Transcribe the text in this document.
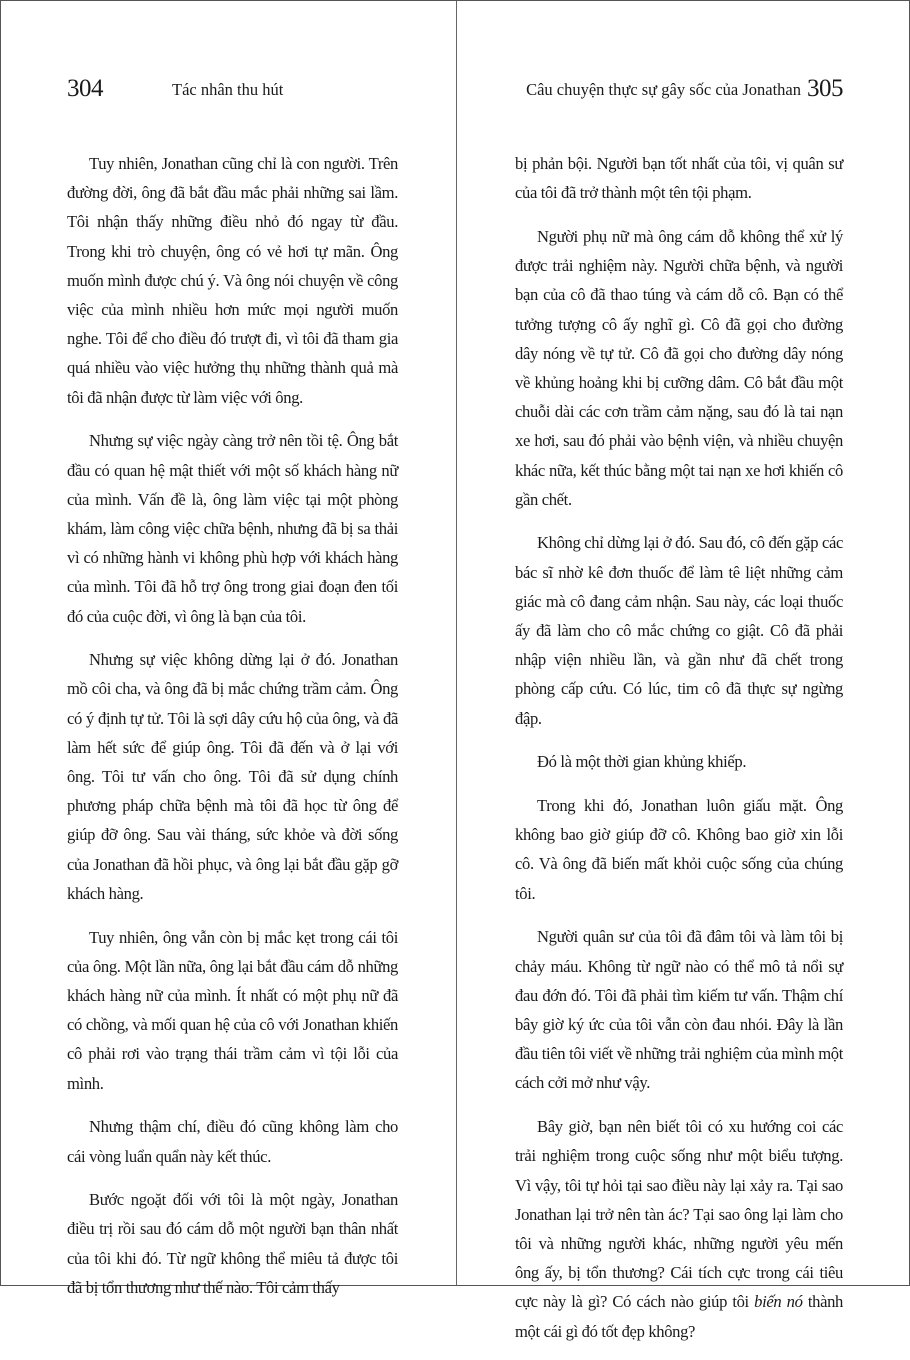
304	Tác nhân thu hút

Tuy nhiên, Jonathan cũng chỉ là con người. Trên đường đời, ông đã bắt đầu mắc phải những sai lầm. Tôi nhận thấy những điều nhỏ đó ngay từ đầu. Trong khi trò chuyện, ông có vẻ hơi tự mãn. Ông muốn mình được chú ý. Và ông nói chuyện về công việc của mình nhiều hơn mức mọi người muốn nghe. Tôi để cho điều đó trượt đi, vì tôi đã tham gia quá nhiều vào việc hưởng thụ những thành quả mà tôi đã nhận được từ làm việc với ông.

Nhưng sự việc ngày càng trở nên tồi tệ. Ông bắt đầu có quan hệ mật thiết với một số khách hàng nữ của mình. Vấn đề là, ông làm việc tại một phòng khám, làm công việc chữa bệnh, nhưng đã bị sa thải vì có những hành vi không phù hợp với khách hàng của mình. Tôi đã hỗ trợ ông trong giai đoạn đen tối đó của cuộc đời, vì ông là bạn của tôi.

Nhưng sự việc không dừng lại ở đó. Jonathan mồ côi cha, và ông đã bị mắc chứng trầm cảm. Ông có ý định tự tử. Tôi là sợi dây cứu hộ của ông, và đã làm hết sức để giúp ông. Tôi đã đến và ở lại với ông. Tôi tư vấn cho ông. Tôi đã sử dụng chính phương pháp chữa bệnh mà tôi đã học từ ông để giúp đỡ ông. Sau vài tháng, sức khỏe và đời sống của Jonathan đã hồi phục, và ông lại bắt đầu gặp gỡ khách hàng.

Tuy nhiên, ông vẫn còn bị mắc kẹt trong cái tôi của ông. Một lần nữa, ông lại bắt đầu cám dỗ những khách hàng nữ của mình. Ít nhất có một phụ nữ đã có chồng, và mối quan hệ của cô với Jonathan khiến cô phải rơi vào trạng thái trầm cảm vì tội lỗi của mình.

Nhưng thậm chí, điều đó cũng không làm cho cái vòng luẩn quẩn này kết thúc.

Bước ngoặt đối với tôi là một ngày, Jonathan điều trị rồi sau đó cám dỗ một người bạn thân nhất của tôi khi đó. Từ ngữ không thể miêu tả được tôi đã bị tổn thương như thế nào. Tôi cảm thấy

Câu chuyện thực sự gây sốc của Jonathan 305

bị phản bội. Người bạn tốt nhất của tôi, vị quân sư của tôi đã trở thành một tên tội phạm.

Người phụ nữ mà ông cám dỗ không thể xử lý được trải nghiệm này. Người chữa bệnh, và người bạn của cô đã thao túng và cám dỗ cô. Bạn có thể tưởng tượng cô ấy nghĩ gì. Cô đã gọi cho đường dây nóng về tự tử. Cô đã gọi cho đường dây nóng về khủng hoảng khi bị cưỡng dâm. Cô bắt đầu một chuỗi dài các cơn trầm cảm nặng, sau đó là tai nạn xe hơi, sau đó phải vào bệnh viện, và nhiều chuyện khác nữa, kết thúc bằng một tai nạn xe hơi khiến cô gần chết.

Không chỉ dừng lại ở đó. Sau đó, cô đến gặp các bác sĩ nhờ kê đơn thuốc để làm tê liệt những cảm giác mà cô đang cảm nhận. Sau này, các loại thuốc ấy đã làm cho cô mắc chứng co giật. Cô đã phải nhập viện nhiều lần, và gần như đã chết trong phòng cấp cứu. Có lúc, tim cô đã thực sự ngừng đập.

Đó là một thời gian khủng khiếp.

Trong khi đó, Jonathan luôn giấu mặt. Ông không bao giờ giúp đỡ cô. Không bao giờ xin lỗi cô. Và ông đã biến mất khỏi cuộc sống của chúng tôi.

Người quân sư của tôi đã đâm tôi và làm tôi bị chảy máu. Không từ ngữ nào có thể mô tả nổi sự đau đớn đó. Tôi đã phải tìm kiếm tư vấn. Thậm chí bây giờ ký ức của tôi vẫn còn đau nhói. Đây là lần đầu tiên tôi viết về những trải nghiệm của mình một cách cởi mở như vậy.

Bây giờ, bạn nên biết tôi có xu hướng coi các trải nghiệm trong cuộc sống như một biểu tượng. Vì vậy, tôi tự hỏi tại sao điều này lại xảy ra. Tại sao Jonathan lại trở nên tàn ác? Tại sao ông lại làm cho tôi và những người khác, những người yêu mến ông ấy, bị tổn thương? Cái tích cực trong cái tiêu cực này là gì? Có cách nào giúp tôi biến nó thành một cái gì đó tốt đẹp không?
